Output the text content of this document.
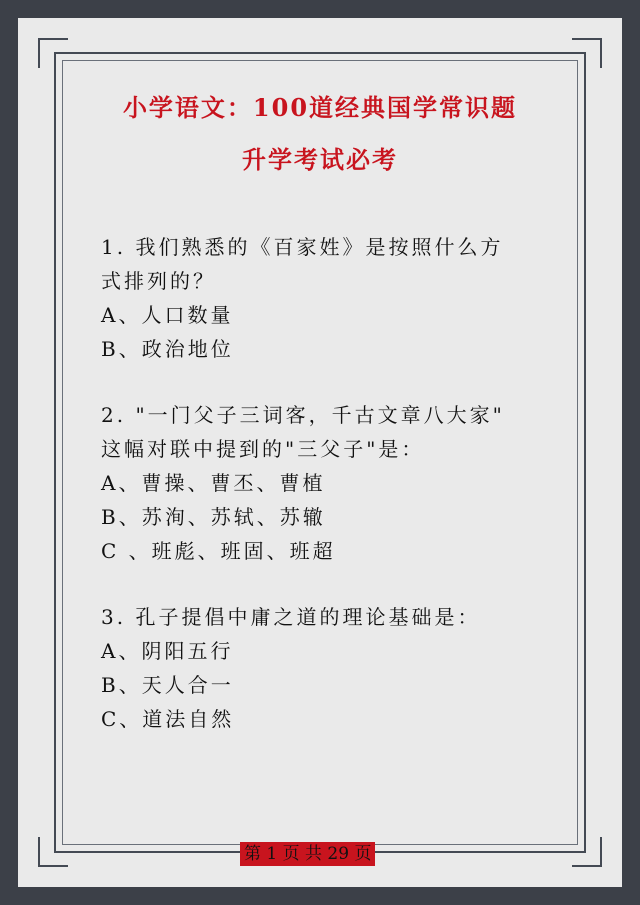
小学语文：100道经典国学常识题
升学考试必考

1. 我们熟悉的《百家姓》是按照什么方

式排列的？

A、人口数量

B、政治地位

2. "一门父子三词客，千古文章八大家"

这幅对联中提到的"三父子"是：

A、曹操、曹丕、曹植

B、苏洵、苏轼、苏辙

C 、班彪、班固、班超

3. 孔子提倡中庸之道的理论基础是：

A、阴阳五行

B、天人合一

C、道法自然

第 1 页 共 29 页
